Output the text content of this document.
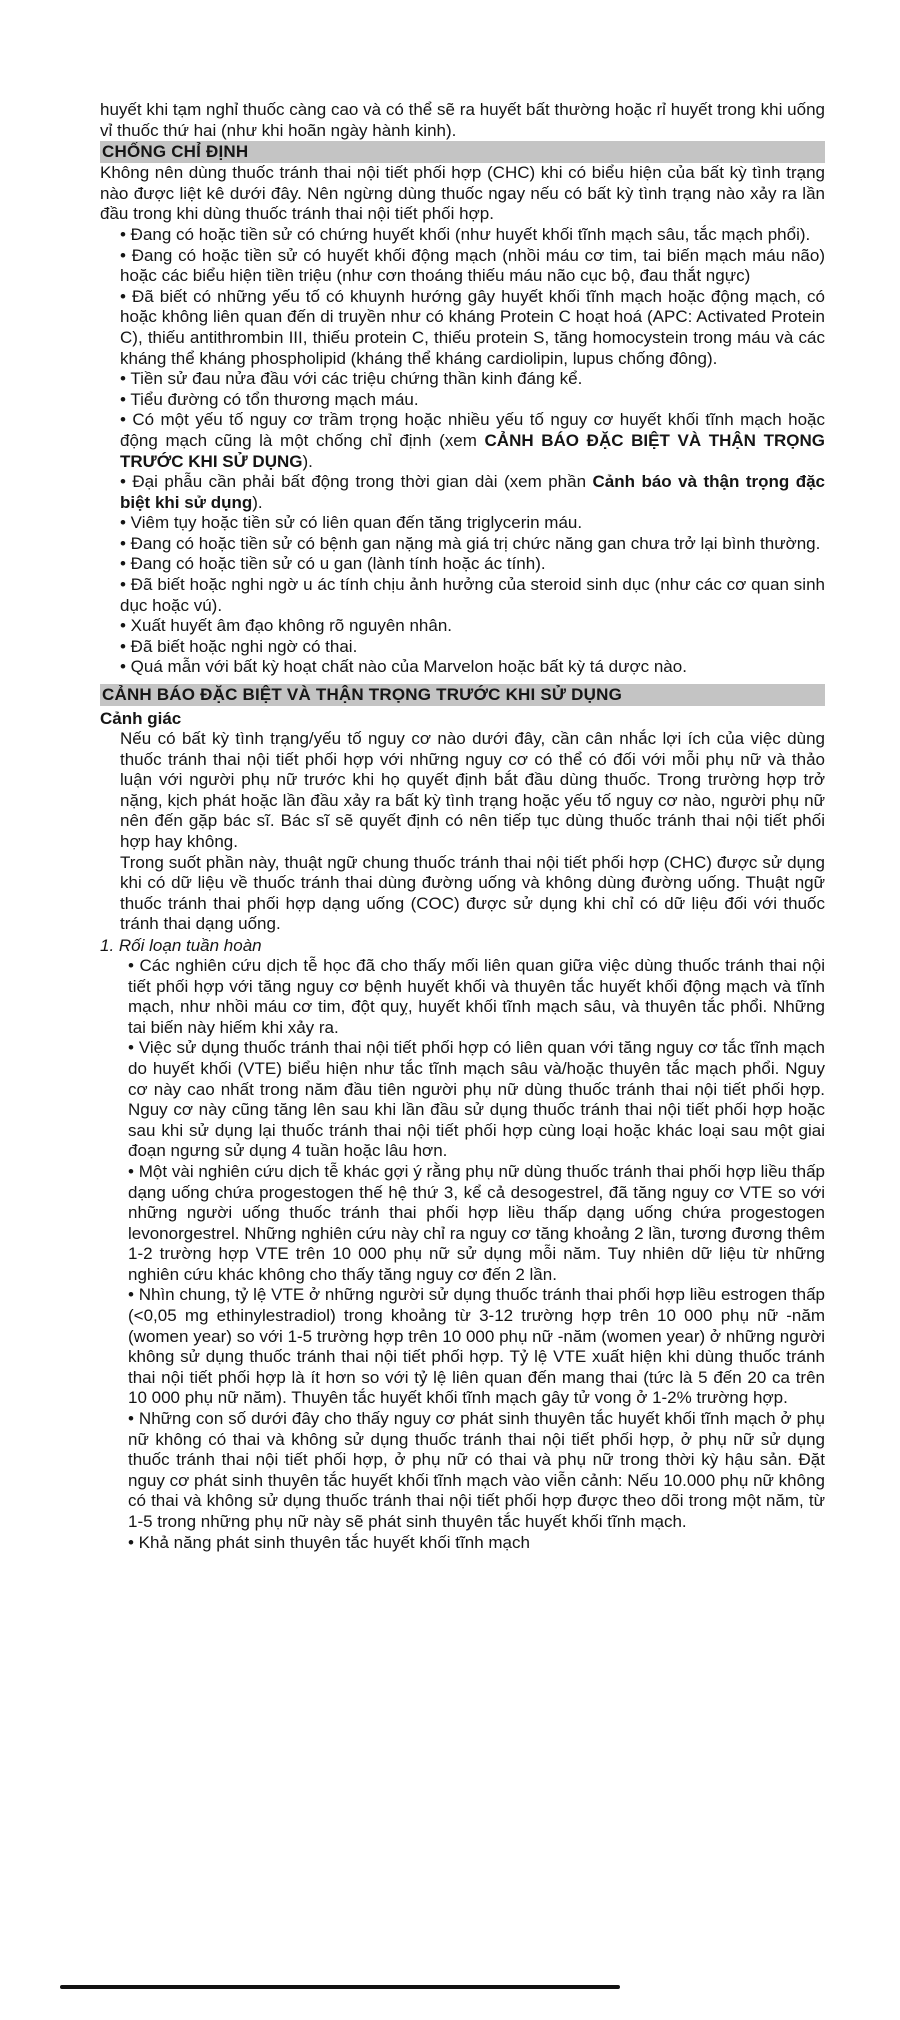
huyết khi tạm nghỉ thuốc càng cao và có thể sẽ ra huyết bất thường hoặc rỉ huyết trong khi uống vỉ thuốc thứ hai (như khi hoãn ngày hành kinh).

CHỐNG CHỈ ĐỊNH

Không nên dùng thuốc tránh thai nội tiết phối hợp (CHC) khi có biểu hiện của bất kỳ tình trạng nào được liệt kê dưới đây. Nên ngừng dùng thuốc ngay nếu có bất kỳ tình trạng nào xảy ra lần đầu trong khi dùng thuốc tránh thai nội tiết phối hợp.

• Đang có hoặc tiền sử có chứng huyết khối (như huyết khối tĩnh mạch sâu, tắc mạch phổi).

• Đang có hoặc tiền sử có huyết khối động mạch (nhồi máu cơ tim, tai biến mạch máu não) hoặc các biểu hiện tiền triệu (như cơn thoáng thiếu máu não cục bộ, đau thắt ngực)

• Đã biết có những yếu tố có khuynh hướng gây huyết khối tĩnh mạch hoặc động mạch, có hoặc không liên quan đến di truyền như có kháng Protein C hoạt hoá (APC: Activated Protein C), thiếu antithrombin III, thiếu protein C, thiếu protein S, tăng homocystein trong máu và các kháng thể kháng phospholipid (kháng thể kháng cardiolipin, lupus chống đông).

• Tiền sử đau nửa đầu với các triệu chứng thần kinh đáng kể.

• Tiểu đường có tổn thương mạch máu.

• Có một yếu tố nguy cơ trầm trọng hoặc nhiều yếu tố nguy cơ huyết khối tĩnh mạch hoặc động mạch cũng là một chống chỉ định (xem CẢNH BÁO ĐẶC BIỆT VÀ THẬN TRỌNG TRƯỚC KHI SỬ DỤNG).

• Đại phẫu cần phải bất động trong thời gian dài (xem phần Cảnh báo và thận trọng đặc biệt khi sử dụng).

• Viêm tụy hoặc tiền sử có liên quan đến tăng triglycerin máu.

• Đang có hoặc tiền sử có bệnh gan nặng mà giá trị chức năng gan chưa trở lại bình thường.

• Đang có hoặc tiền sử có u gan (lành tính hoặc ác tính).

• Đã biết hoặc nghi ngờ u ác tính chịu ảnh hưởng của steroid sinh dục (như các cơ quan sinh dục hoặc vú).

• Xuất huyết âm đạo không rõ nguyên nhân.

• Đã biết hoặc nghi ngờ có thai.

• Quá mẫn với bất kỳ hoạt chất nào của Marvelon hoặc bất kỳ tá dược nào.

CẢNH BÁO ĐẶC BIỆT VÀ THẬN TRỌNG TRƯỚC KHI SỬ DỤNG

Cảnh giác

Nếu có bất kỳ tình trạng/yếu tố nguy cơ nào dưới đây, cần cân nhắc lợi ích của việc dùng thuốc tránh thai nội tiết phối hợp với những nguy cơ có thể có đối với mỗi phụ nữ và thảo luận với người phụ nữ trước khi họ quyết định bắt đầu dùng thuốc. Trong trường hợp trở nặng, kịch phát hoặc lần đầu xảy ra bất kỳ tình trạng hoặc yếu tố nguy cơ nào, người phụ nữ nên đến gặp bác sĩ. Bác sĩ sẽ quyết định có nên tiếp tục dùng thuốc tránh thai nội tiết phối hợp hay không.

Trong suốt phần này, thuật ngữ chung thuốc tránh thai nội tiết phối hợp (CHC) được sử dụng khi có dữ liệu về thuốc tránh thai dùng đường uống và không dùng đường uống. Thuật ngữ thuốc tránh thai phối hợp dạng uống (COC) được sử dụng khi chỉ có dữ liệu đối với thuốc tránh thai dạng uống.

1. Rối loạn tuần hoàn

• Các nghiên cứu dịch tễ học đã cho thấy mối liên quan giữa việc dùng thuốc tránh thai nội tiết phối hợp với tăng nguy cơ bệnh huyết khối và thuyên tắc huyết khối động mạch và tĩnh mạch, như nhồi máu cơ tim, đột quỵ, huyết khối tĩnh mạch sâu, và thuyên tắc phổi. Những tai biến này hiếm khi xảy ra.

• Việc sử dụng thuốc tránh thai nội tiết phối hợp có liên quan với tăng nguy cơ tắc tĩnh mạch do huyết khối (VTE) biểu hiện như tắc tĩnh mạch sâu và/hoặc thuyên tắc mạch phổi. Nguy cơ này cao nhất trong năm đầu tiên người phụ nữ dùng thuốc tránh thai nội tiết phối hợp. Nguy cơ này cũng tăng lên sau khi lần đầu sử dụng thuốc tránh thai nội tiết phối hợp hoặc sau khi sử dụng lại thuốc tránh thai nội tiết phối hợp cùng loại hoặc khác loại sau một giai đoạn ngưng sử dụng 4 tuần hoặc lâu hơn.

• Một vài nghiên cứu dịch tễ khác gợi ý rằng phụ nữ dùng thuốc tránh thai phối hợp liều thấp dạng uống chứa progestogen thế hệ thứ 3, kể cả desogestrel, đã tăng nguy cơ VTE so với những người uống thuốc tránh thai phối hợp liều thấp dạng uống chứa progestogen levonorgestrel. Những nghiên cứu này chỉ ra nguy cơ tăng khoảng 2 lần, tương đương thêm 1-2 trường hợp VTE trên 10 000 phụ nữ sử dụng mỗi năm. Tuy nhiên dữ liệu từ những nghiên cứu khác không cho thấy tăng nguy cơ đến 2 lần.

• Nhìn chung, tỷ lệ VTE ở những người sử dụng thuốc tránh thai phối hợp liều estrogen thấp (<0,05 mg ethinylestradiol) trong khoảng từ 3-12 trường hợp trên 10 000 phụ nữ -năm (women year) so với 1-5 trường hợp trên 10 000 phụ nữ -năm (women year) ở những người không sử dụng thuốc tránh thai nội tiết phối hợp. Tỷ lệ VTE xuất hiện khi dùng thuốc tránh thai nội tiết phối hợp là ít hơn so với tỷ lệ liên quan đến mang thai (tức là 5 đến 20 ca trên 10 000 phụ nữ năm). Thuyên tắc huyết khối tĩnh mạch gây tử vong ở 1-2% trường hợp.

• Những con số dưới đây cho thấy nguy cơ phát sinh thuyên tắc huyết khối tĩnh mạch ở phụ nữ không có thai và không sử dụng thuốc tránh thai nội tiết phối hợp, ở phụ nữ sử dụng thuốc tránh thai nội tiết phối hợp, ở phụ nữ có thai và phụ nữ trong thời kỳ hậu sản. Đặt nguy cơ phát sinh thuyên tắc huyết khối tĩnh mạch vào viễn cảnh: Nếu 10.000 phụ nữ không có thai và không sử dụng thuốc tránh thai nội tiết phối hợp được theo dõi trong một năm, từ 1-5 trong những phụ nữ này sẽ phát sinh thuyên tắc huyết khối tĩnh mạch.

• Khả năng phát sinh thuyên tắc huyết khối tĩnh mạch
